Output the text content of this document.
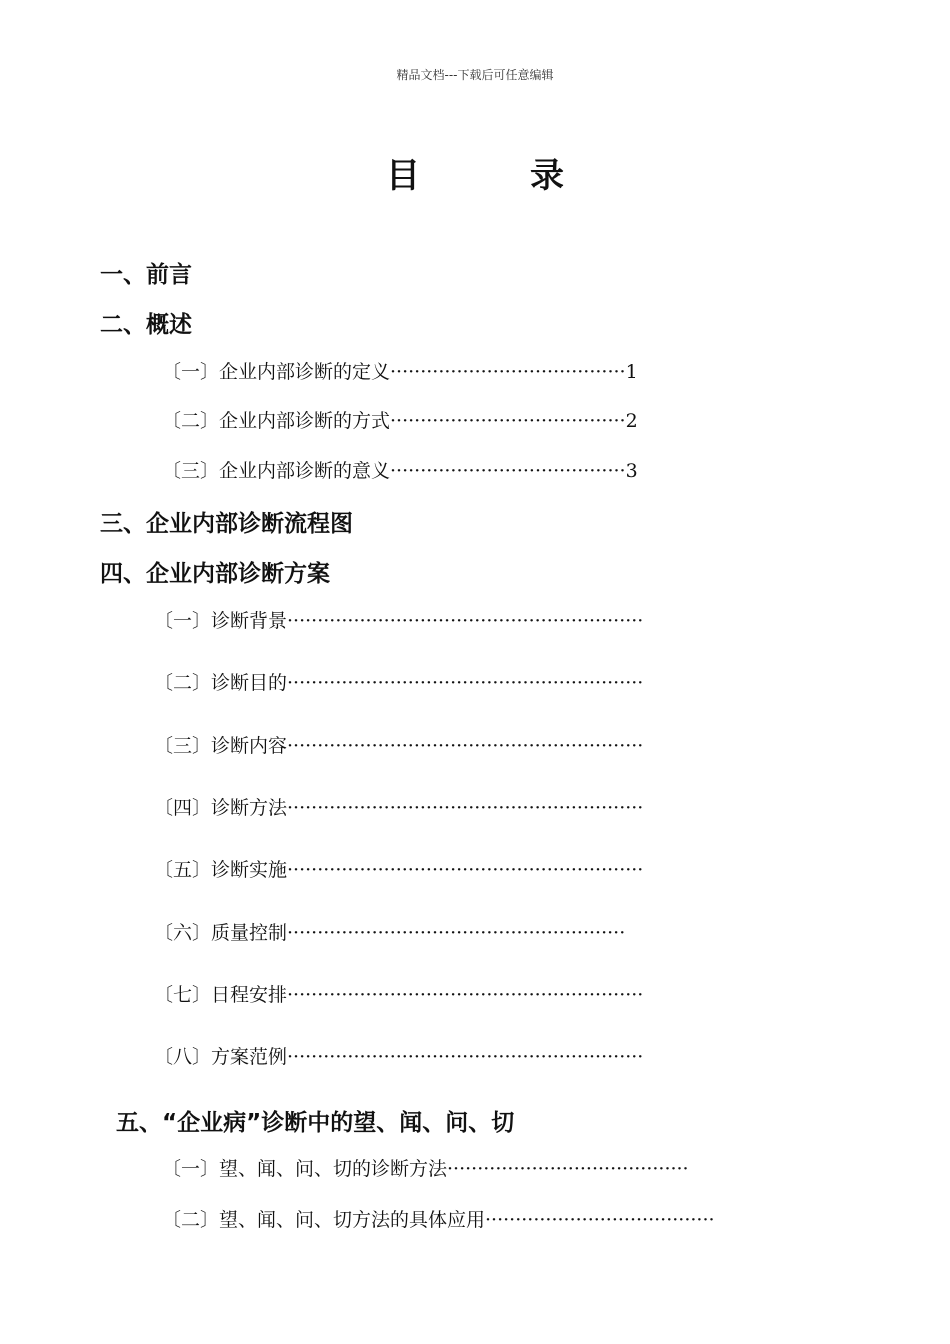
精品文档---下载后可任意编辑
目	录
一、前言
二、概述
〔一〕企业内部诊断的定义 ······································· 1
〔二〕企业内部诊断的方式 ······································· 2
〔三〕企业内部诊断的意义 ······································· 3
三、企业内部诊断流程图
四、企业内部诊断方案
〔一〕诊断背景 ···························································
〔二〕诊断目的 ···························································
〔三〕诊断内容 ···························································
〔四〕诊断方法 ···························································
〔五〕诊断实施 ···························································
〔六〕质量控制 ························································
〔七〕日程安排 ···························································
〔八〕方案范例 ···························································
五、“企业病”诊断中的望、闻、问、切
〔一〕望、闻、问、切的诊断方法 ········································
〔二〕望、闻、问、切方法的具体应用 ······································
